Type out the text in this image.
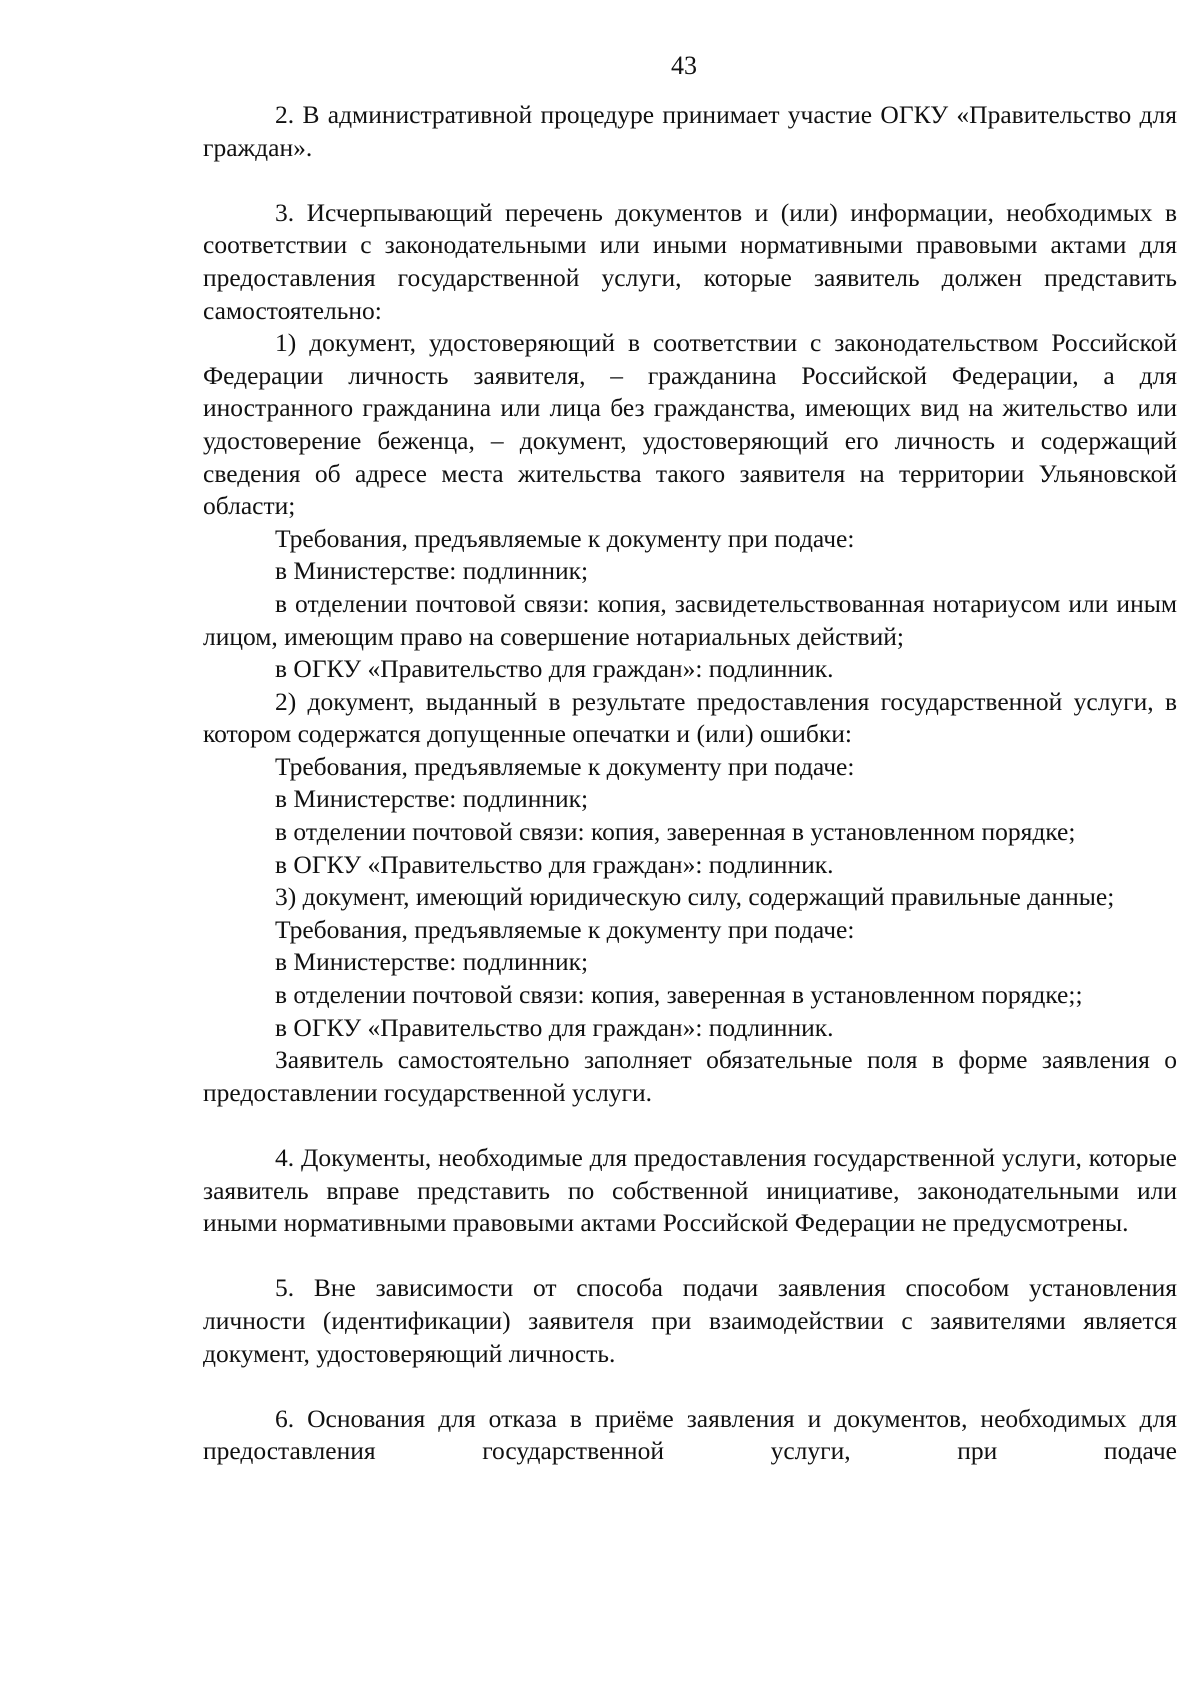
43

2. В административной процедуре принимает участие ОГКУ «Правительство для граждан».

3. Исчерпывающий перечень документов и (или) информации, необходимых в соответствии с законодательными или иными нормативными правовыми актами для предоставления государственной услуги, которые заявитель должен представить самостоятельно:

1) документ, удостоверяющий в соответствии с законодательством Российской Федерации личность заявителя, – гражданина Российской Федерации, а для иностранного гражданина или лица без гражданства, имеющих вид на жительство или удостоверение беженца, – документ, удостоверяющий его личность и содержащий сведения об адресе места жительства такого заявителя на территории Ульяновской области;

Требования, предъявляемые к документу при подаче:

в Министерстве: подлинник;

в отделении почтовой связи: копия, засвидетельствованная нотариусом или иным лицом, имеющим право на совершение нотариальных действий;

в ОГКУ «Правительство для граждан»: подлинник.

2) документ, выданный в результате предоставления государственной услуги, в котором содержатся допущенные опечатки и (или) ошибки:

Требования, предъявляемые к документу при подаче:

в Министерстве: подлинник;

в отделении почтовой связи: копия, заверенная в установленном порядке;

в ОГКУ «Правительство для граждан»: подлинник.

3) документ, имеющий юридическую силу, содержащий правильные данные;

Требования, предъявляемые к документу при подаче:

в Министерстве: подлинник;

в отделении почтовой связи: копия, заверенная в установленном порядке;;

в ОГКУ «Правительство для граждан»: подлинник.

Заявитель самостоятельно заполняет обязательные поля в форме заявления о предоставлении государственной услуги.

4. Документы, необходимые для предоставления государственной услуги, которые заявитель вправе представить по собственной инициативе, законодательными или иными нормативными правовыми актами Российской Федерации не предусмотрены.

5. Вне зависимости от способа подачи заявления способом установления личности (идентификации) заявителя при взаимодействии с заявителями является документ, удостоверяющий личность.

6. Основания для отказа в приёме заявления и документов, необходимых для предоставления государственной услуги, при подаче
